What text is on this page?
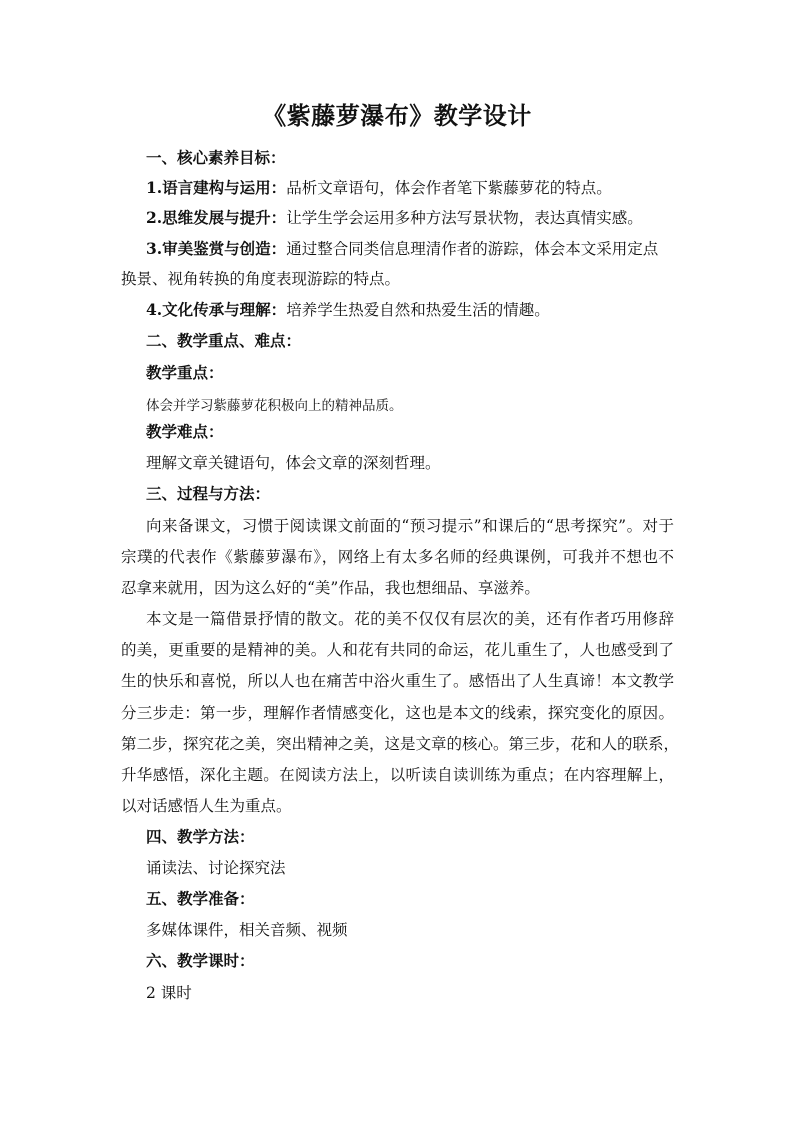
《紫藤萝瀑布》教学设计
一、核心素养目标：
1.语言建构与运用：品析文章语句，体会作者笔下紫藤萝花的特点。
2.思维发展与提升：让学生学会运用多种方法写景状物，表达真情实感。
3.审美鉴赏与创造：通过整合同类信息理清作者的游踪，体会本文采用定点
换景、视角转换的角度表现游踪的特点。
4.文化传承与理解：培养学生热爱自然和热爱生活的情趣。
二、教学重点、难点：
教学重点：
体会并学习紫藤萝花积极向上的精神品质。
教学难点：
理解文章关键语句，体会文章的深刻哲理。
三、过程与方法：
向来备课文，习惯于阅读课文前面的“预习提示”和课后的“思考探究”。对于
宗璞的代表作《紫藤萝瀑布》，网络上有太多名师的经典课例，可我并不想也不
忍拿来就用，因为这么好的“美”作品，我也想细品、享滋养。
本文是一篇借景抒情的散文。花的美不仅仅有层次的美，还有作者巧用修辞
的美，更重要的是精神的美。人和花有共同的命运，花儿重生了，人也感受到了
生的快乐和喜悦，所以人也在痛苦中浴火重生了。感悟出了人生真谛！本文教学
分三步走：第一步，理解作者情感变化，这也是本文的线索，探究变化的原因。
第二步，探究花之美，突出精神之美，这是文章的核心。第三步，花和人的联系，
升华感悟，深化主题。在阅读方法上，以听读自读训练为重点；在内容理解上，
以对话感悟人生为重点。
四、教学方法：
诵读法、讨论探究法
五、教学准备：
多媒体课件，相关音频、视频
六、教学课时：
2 课时
